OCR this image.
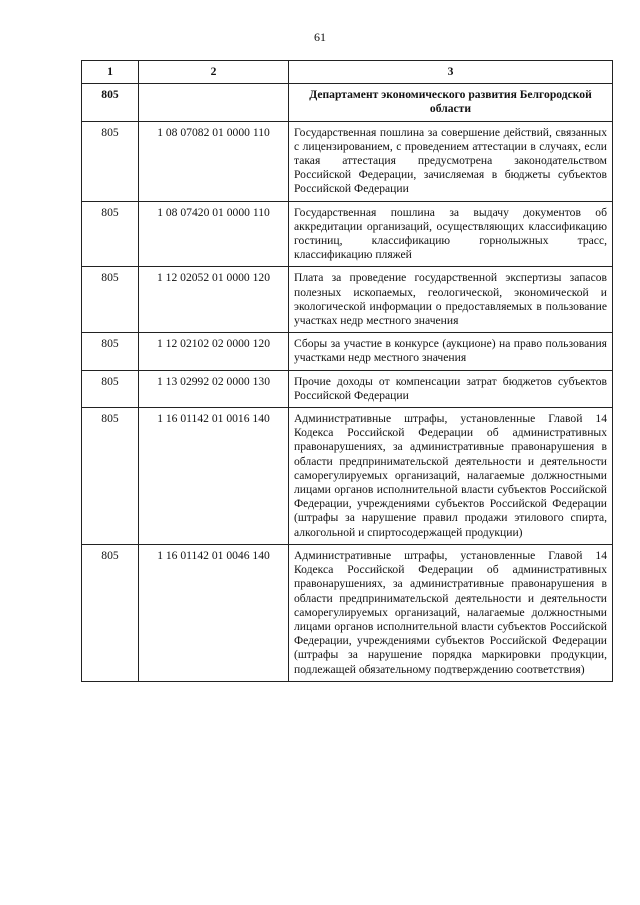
61
1	2	3
805		Департамент экономического развития Белгородской области
805	1 08 07082 01 0000 110	Государственная пошлина за совершение действий, связанных с лицензированием, с проведением аттестации в случаях, если такая аттестация предусмотрена законодательством Российской Федерации, зачисляемая в бюджеты субъектов Российской Федерации
805	1 08 07420 01 0000 110	Государственная пошлина за выдачу документов об аккредитации организаций, осуществляющих классификацию гостиниц, классификацию горнолыжных трасс, классификацию пляжей
805	1 12 02052 01 0000 120	Плата за проведение государственной экспертизы запасов полезных ископаемых, геологической, экономической и экологической информации о предоставляемых в пользование участках недр местного значения
805	1 12 02102 02 0000 120	Сборы за участие в конкурсе (аукционе) на право пользования участками недр местного значения
805	1 13 02992 02 0000 130	Прочие доходы от компенсации затрат бюджетов субъектов Российской Федерации
805	1 16 01142 01 0016 140	Административные штрафы, установленные Главой 14 Кодекса Российской Федерации об административных правонарушениях, за административные правонарушения в области предпринимательской деятельности и деятельности саморегулируемых организаций, налагаемые должностными лицами органов исполнительной власти субъектов Российской Федерации, учреждениями субъектов Российской Федерации (штрафы за нарушение правил продажи этилового спирта, алкогольной и спиртосодержащей продукции)
805	1 16 01142 01 0046 140	Административные штрафы, установленные Главой 14 Кодекса Российской Федерации об административных правонарушениях, за административные правонарушения в области предпринимательской деятельности и деятельности саморегулируемых организаций, налагаемые должностными лицами органов исполнительной власти субъектов Российской Федерации, учреждениями субъектов Российской Федерации (штрафы за нарушение порядка маркировки продукции, подлежащей обязательному подтверждению соответствия)
